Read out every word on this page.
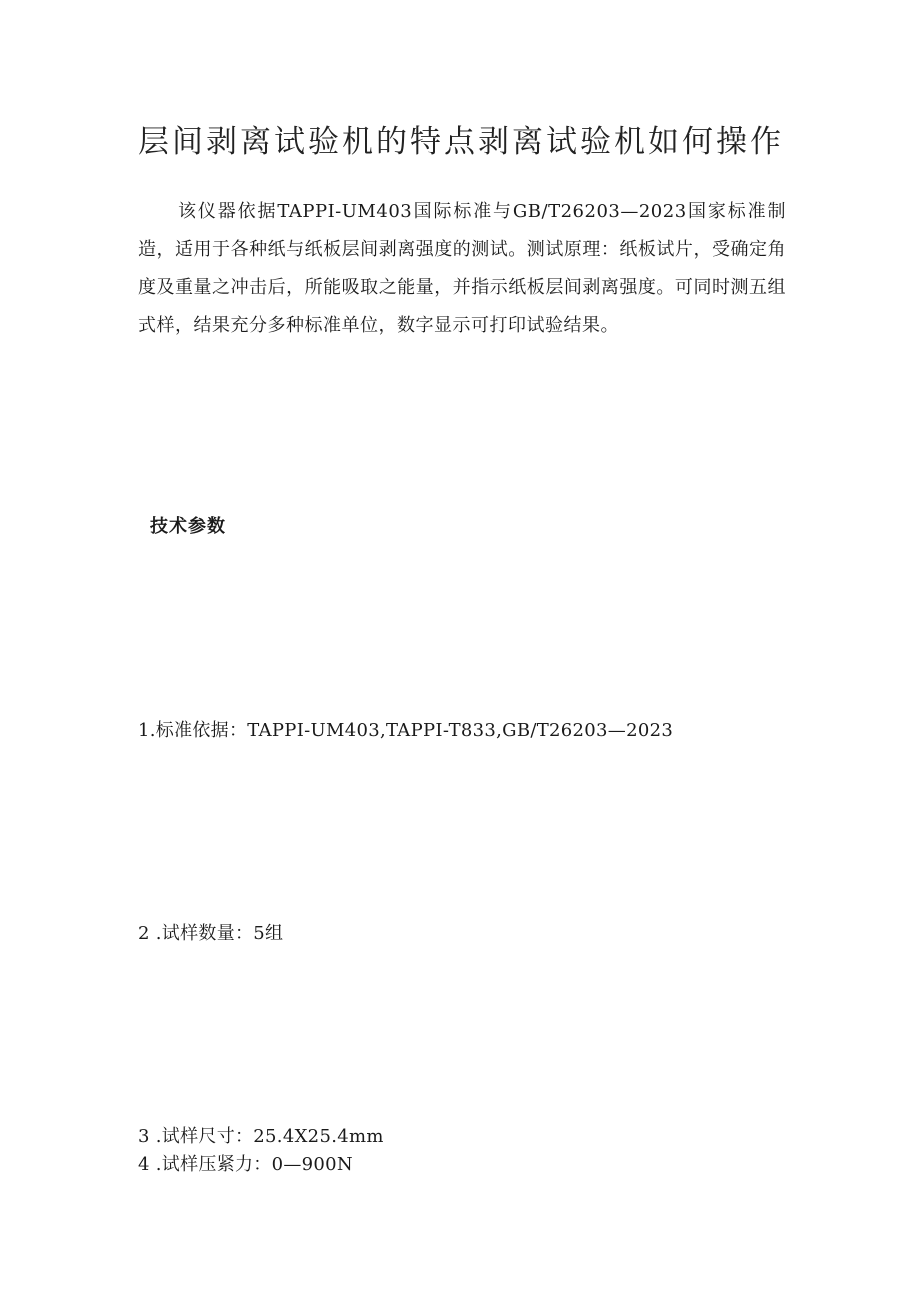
层间剥离试验机的特点剥离试验机如何操作

该仪器依据TAPPI-UM403国际标准与GB/T26203—2023国家标准制造，适用于各种纸与纸板层间剥离强度的测试。测试原理：纸板试片，受确定角度及重量之冲击后，所能吸取之能量，并指示纸板层间剥离强度。可同时测五组式样，结果充分多种标准单位，数字显示可打印试验结果。

技术参数

1.标准依据：TAPPI-UM403,TAPPI-T833,GB/T26203—2023

2 .试样数量：5组

3 .试样尺寸：25.4X25.4mm

4 .试样压紧力：0—900N
